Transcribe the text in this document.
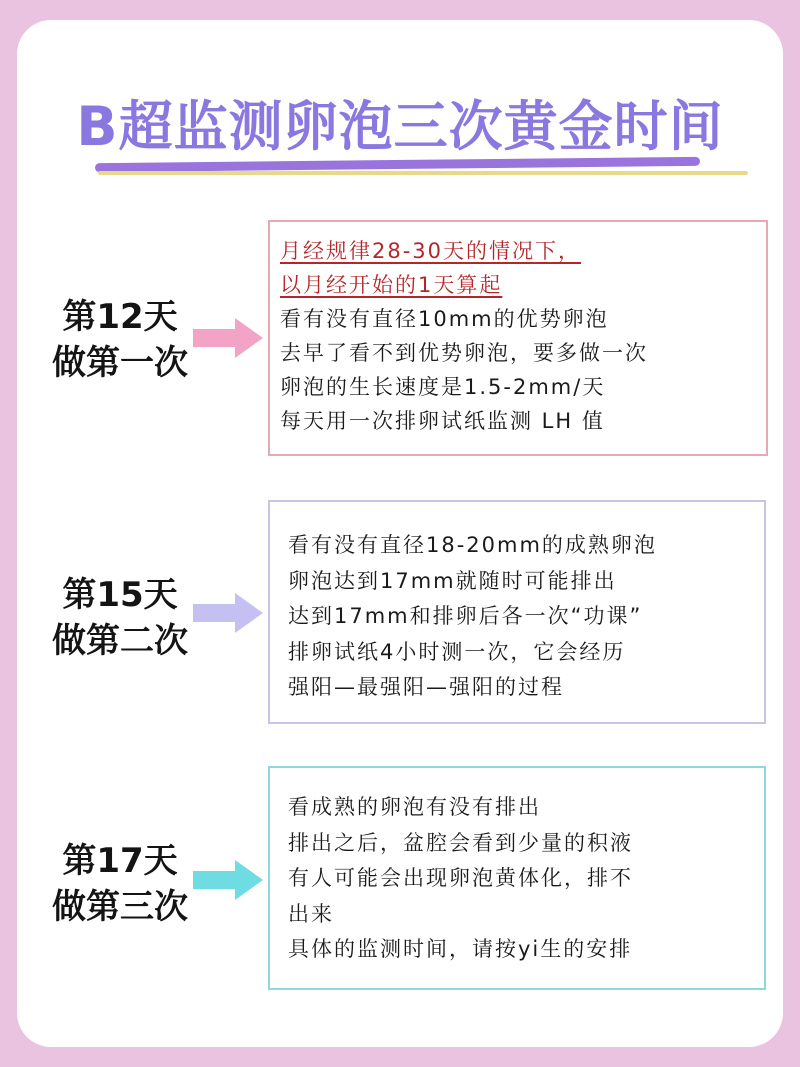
B超监测卵泡三次黄金时间
第12天
做第一次
月经规律28-30天的情况下，
以月经开始的1天算起
看有没有直径10mm的优势卵泡
去早了看不到优势卵泡，要多做一次
卵泡的生长速度是1.5-2mm/天
每天用一次排卵试纸监测 LH 值
第15天
做第二次
看有没有直径18-20mm的成熟卵泡
卵泡达到17mm就随时可能排出
达到17mm和排卵后各一次“功课”
排卵试纸4小时测一次，它会经历
强阳—最强阳—强阳的过程
第17天
做第三次
看成熟的卵泡有没有排出
排出之后，盆腔会看到少量的积液
有人可能会出现卵泡黄体化，排不
出来
具体的监测时间，请按yi生的安排
